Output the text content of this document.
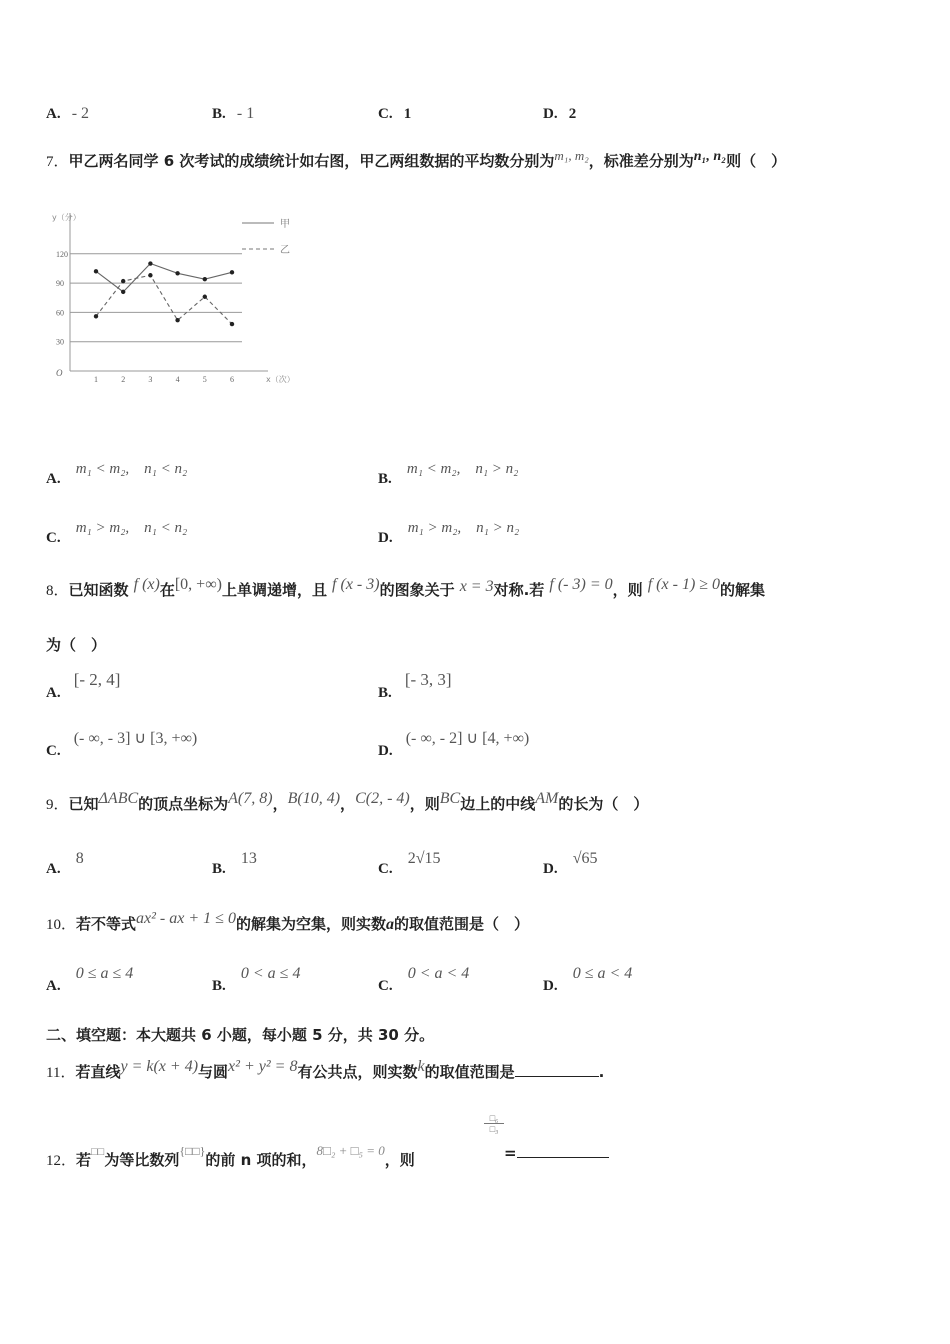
A. - 2	B. - 1	C. 1	D. 2
7．甲乙两名同学 6 次考试的成绩统计如右图，甲乙两组数据的平均数分别为$^{m_1, m_2}$，标准差分别为n₁, n₂则（　）
30
60
90
120
O
y（分）
x（次）
1	2	3	4	5	6
甲
乙
A. m₁ < m₂,　n₁ < n₂
B. m₁ < m₂,　n₁ > n₂
C. m₁ > m₂,　n₁ < n₂
D. m₁ > m₂,　n₁ > n₂
8．已知函数 f (x)在[0, +∞)上单调递增，且 f (x - 3)的图象关于 x = 3对称.若 f (- 3) = 0，则 f (x - 1) ≥ 0的解集
为（　）
A. [- 2, 4]
B. [- 3, 3]
C. (- ∞, - 3] ∪ [3, +∞)
D. (- ∞, - 2] ∪ [4, +∞)
9．已知ΔABC的顶点坐标为A(7, 8)，B(10, 4)，C(2, - 4)，则BC边上的中线AM的长为（　）
A. 8
B. 13
C. 2√15
D. √65
10．若不等式ax² - ax + 1 ≤ 0的解集为空集，则实数a的取值范围是（　）
A. 0 ≤ a ≤ 4
B. 0 < a ≤ 4
C. 0 < a < 4
D. 0 ≤ a < 4
二、填空题：本大题共 6 小题，每小题 5 分，共 30 分。
11．若直线y = k(x + 4)与圆x² + y² = 8有公共点，则实数k的取值范围是	.
12．若□□为等比数列{□□}的前 n 项的和，$^{8□_2 + □_5 = 0}$，则
□₆
□₃
=
